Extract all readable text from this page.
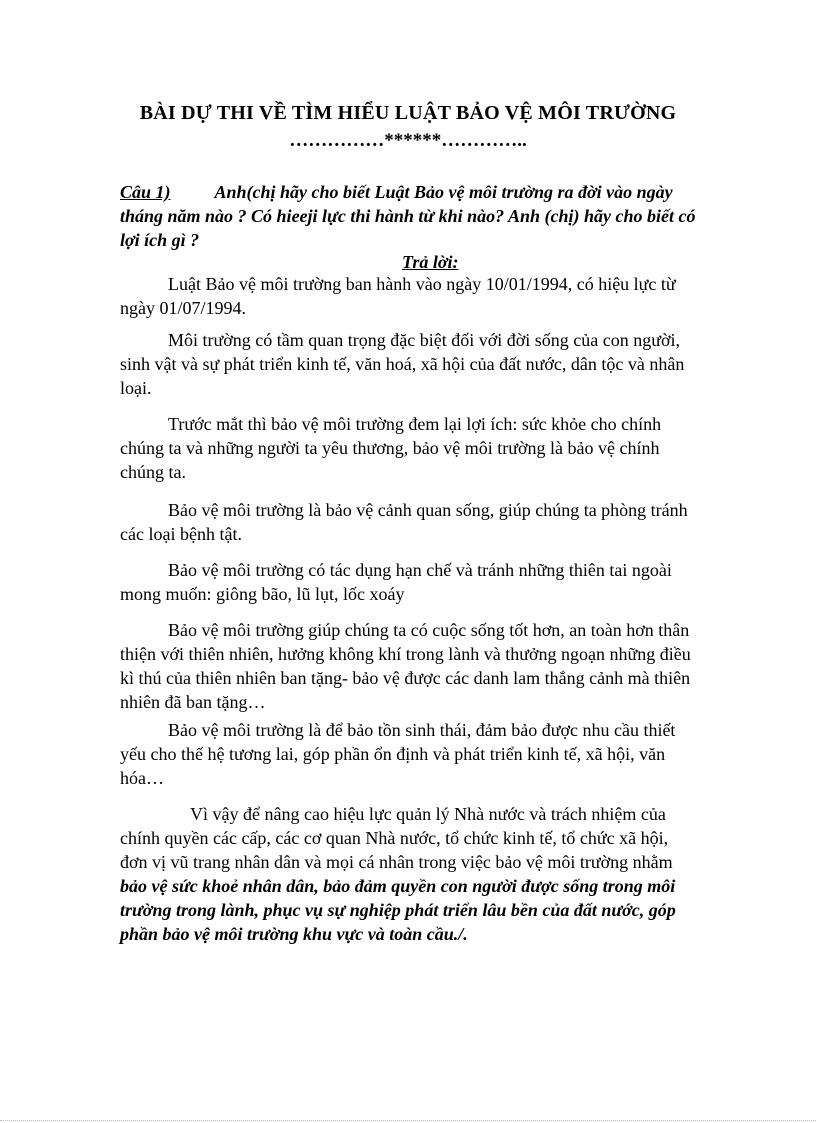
BÀI DỰ THI VỀ TÌM HIỂU LUẬT BẢO VỆ MÔI TRƯỜNG
……………******…………..
Câu 1) Anh(chị hãy cho biết Luật Bảo vệ môi trường ra đời vào ngày tháng năm nào ? Có hieeji lực thi hành từ khi nào? Anh (chị) hãy cho biết có lợi ích gì ?
Trả lời:
Luật Bảo vệ môi trường ban hành vào ngày 10/01/1994, có hiệu lực từ ngày 01/07/1994.
Môi trường có tầm quan trọng đặc biệt đối với đời sống của con người, sinh vật và sự phát triển kinh tế, văn hoá, xã hội của đất nước, dân tộc và nhân loại.
Trước mắt thì bảo vệ môi trường đem lại lợi ích: sức khỏe cho chính chúng ta và những người ta yêu thương, bảo vệ môi trường là bảo vệ chính chúng ta.
Bảo vệ môi trường là bảo vệ cảnh quan sống, giúp chúng ta phòng tránh các loại bệnh tật.
Bảo vệ môi trường có tác dụng hạn chế và tránh những thiên tai ngoài mong muốn: giông bão, lũ lụt, lốc xoáy
Bảo vệ môi trường giúp chúng ta có cuộc sống tốt hơn, an toàn hơn thân thiện với thiên nhiên, hưởng không khí trong lành và thưởng ngoạn những điều kì thú của thiên nhiên ban tặng- bảo vệ được các danh lam thắng cảnh mà thiên nhiên đã ban tặng…
Bảo vệ môi trường là để bảo tồn sinh thái, đảm bảo được nhu cầu thiết yếu cho thế hệ tương lai, góp phần ổn định và phát triển kinh tế, xã hội, văn hóa…
Vì vậy để nâng cao hiệu lực quản lý Nhà nước và trách nhiệm của chính quyền các cấp, các cơ quan Nhà nước, tổ chức kinh tế, tổ chức xã hội, đơn vị vũ trang nhân dân và mọi cá nhân trong việc bảo vệ môi trường nhằm bảo vệ sức khoẻ nhân dân, bảo đảm quyền con người được sống trong môi trường trong lành, phục vụ sự nghiệp phát triển lâu bền của đất nước, góp phần bảo vệ môi trường khu vực và toàn cầu./.
